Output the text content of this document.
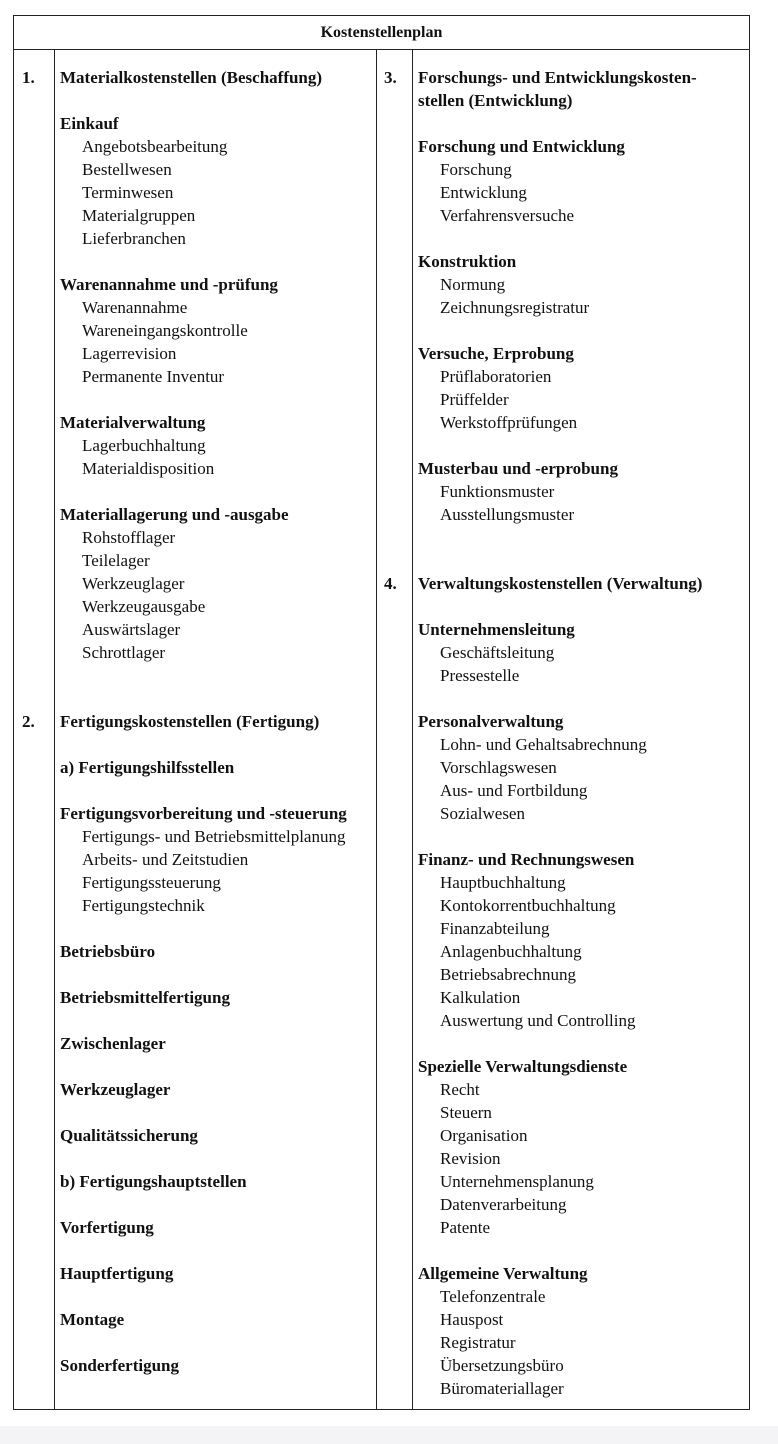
Kostenstellenplan
1.
2.
3.
4.
Materialkostenstellen (Beschaffung)
Einkauf
Angebotsbearbeitung
Bestellwesen
Terminwesen
Materialgruppen
Lieferbranchen
Warenannahme und -prüfung
Warenannahme
Wareneingangskontrolle
Lagerrevision
Permanente Inventur
Materialverwaltung
Lagerbuchhaltung
Materialdisposition
Materiallagerung und -ausgabe
Rohstofflager
Teilelager
Werkzeuglager
Werkzeugausgabe
Auswärtslager
Schrottlager
Fertigungskostenstellen (Fertigung)
a) Fertigungshilfsstellen
Fertigungsvorbereitung und -steuerung
Fertigungs- und Betriebsmittelplanung
Arbeits- und Zeitstudien
Fertigungssteuerung
Fertigungstechnik
Betriebsbüro
Betriebsmittelfertigung
Zwischenlager
Werkzeuglager
Qualitätssicherung
b) Fertigungshauptstellen
Vorfertigung
Hauptfertigung
Montage
Sonderfertigung
Forschungs- und Entwicklungskosten-
stellen (Entwicklung)
Forschung und Entwicklung
Forschung
Entwicklung
Verfahrensversuche
Konstruktion
Normung
Zeichnungsregistratur
Versuche, Erprobung
Prüflaboratorien
Prüffelder
Werkstoffprüfungen
Musterbau und -erprobung
Funktionsmuster
Ausstellungsmuster
Verwaltungskostenstellen (Verwaltung)
Unternehmensleitung
Geschäftsleitung
Pressestelle
Personalverwaltung
Lohn- und Gehaltsabrechnung
Vorschlagswesen
Aus- und Fortbildung
Sozialwesen
Finanz- und Rechnungswesen
Hauptbuchhaltung
Kontokorrentbuchhaltung
Finanzabteilung
Anlagenbuchhaltung
Betriebsabrechnung
Kalkulation
Auswertung und Controlling
Spezielle Verwaltungsdienste
Recht
Steuern
Organisation
Revision
Unternehmensplanung
Datenverarbeitung
Patente
Allgemeine Verwaltung
Telefonzentrale
Hauspost
Registratur
Übersetzungsbüro
Büromateriallager
